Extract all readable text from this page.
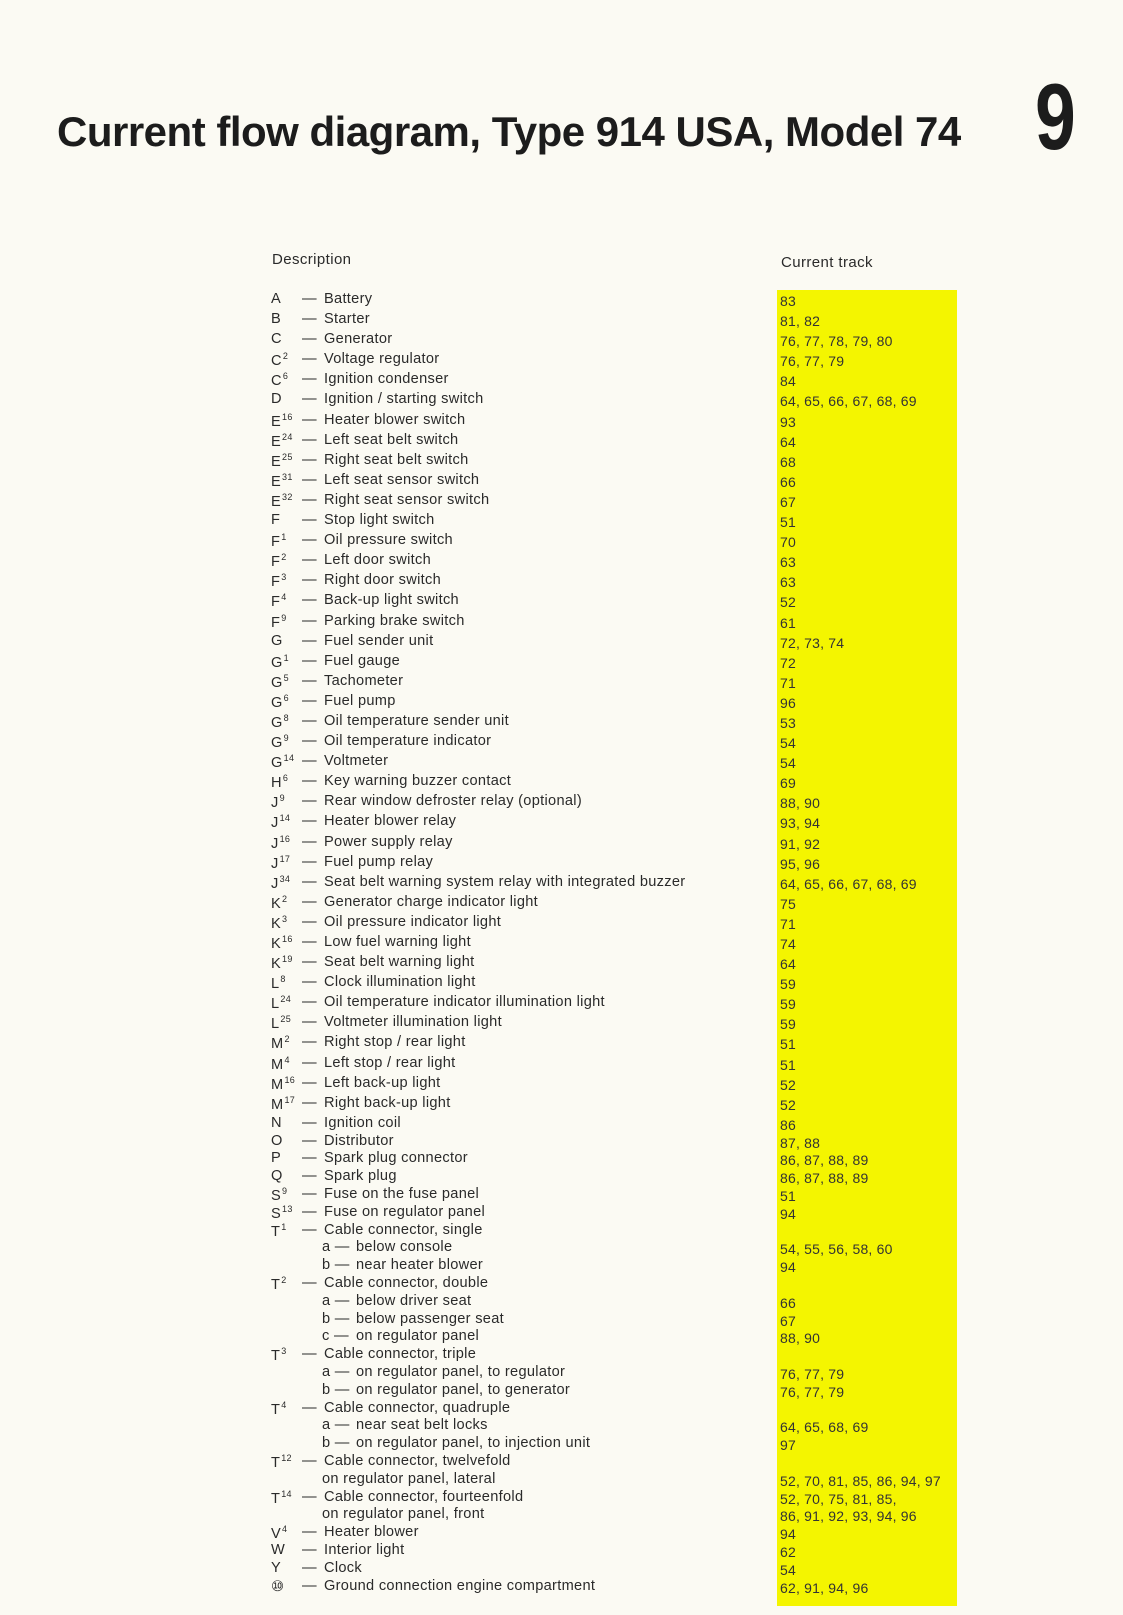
Current flow diagram, Type 914 USA, Model 74 9
Description	Current track
A	— Battery	83
B	— Starter	81, 82
C	— Generator	76, 77, 78, 79, 80
$C^2$ — Voltage regulator	76, 77, 79
$C^6$ — Ignition condenser	84
D	— Ignition / starting switch	64, 65, 66, 67, 68, 69
$E^{16}$ — Heater blower switch	93
$E^{24}$ — Left seat belt switch	64
$E^{25}$ — Right seat belt switch	68
$E^{31}$ — Left seat sensor switch	66
$E^{32}$ — Right seat sensor switch	67
F	— Stop light switch	51
$F^1$	— Oil pressure switch	70
$F^2$	— Left door switch	63
$F^3$	— Right door switch	63
$F^4$	— Back-up light switch	52
$F^9$	— Parking brake switch	61
G	— Fuel sender unit	72, 73, 74
$G^1$ — Fuel gauge	72
$G^5$ — Tachometer	71
$G^6$ — Fuel pump	96
$G^8$ — Oil temperature sender unit	53
$G^9$ — Oil temperature indicator	54
$G^{14}$ — Voltmeter	54
$H^6$ — Key warning buzzer contact	69
$J^9$	— Rear window defroster relay (optional)	88, 90
$J^{14}$ — Heater blower relay	93, 94
$J^{16}$ — Power supply relay	91, 92
$J^{17}$ — Fuel pump relay	95, 96
$J^{34}$ — Seat belt warning system relay with integrated buzzer	64, 65, 66, 67, 68, 69
$K^2$	— Generator charge indicator light	75
$K^3$	— Oil pressure indicator light	71
$K^{16}$ — Low fuel warning light	74
$K^{19}$ — Seat belt warning light	64
$L^8$	— Clock illumination light	59
$L^{24}$ — Oil temperature indicator illumination light	59
$L^{25}$ — Voltmeter illumination light	59
$M^2$ — Right stop / rear light	51
$M^4$ — Left stop / rear light	51
$M^{16}$ — Left back-up light	52
$M^{17}$ — Right back-up light	52
N	— Ignition coil	86
O	— Distributor	87, 88
P	— Spark plug connector	86, 87, 88, 89
Q	— Spark plug	86, 87, 88, 89
$S^9$	— Fuse on the fuse panel	51
$S^{13}$ — Fuse on regulator panel	94
$T^1$	— Cable connector, single
a — below console	54, 55, 56, 58, 60
b — near heater blower	94
$T^2$	— Cable connector, double
a — below driver seat	66
b — below passenger seat	67
c — on regulator panel	88, 90
$T^3$	— Cable connector, triple
a — on regulator panel, to regulator	76, 77, 79
b — on regulator panel, to generator	76, 77, 79
$T^4$	— Cable connector, quadruple
a — near seat belt locks	64, 65, 68, 69
b — on regulator panel, to injection unit	97
$T^{12}$ — Cable connector, twelvefold
on regulator panel, lateral	52, 70, 81, 85, 86, 94, 97
$T^{14}$ — Cable connector, fourteenfold	52, 70, 75, 81, 85,
on regulator panel, front	86, 91, 92, 93, 94, 96
$V^4$	— Heater blower	94
W	— Interior light	62
Y	— Clock	54
⑩	— Ground connection engine compartment	62, 91, 94, 96
